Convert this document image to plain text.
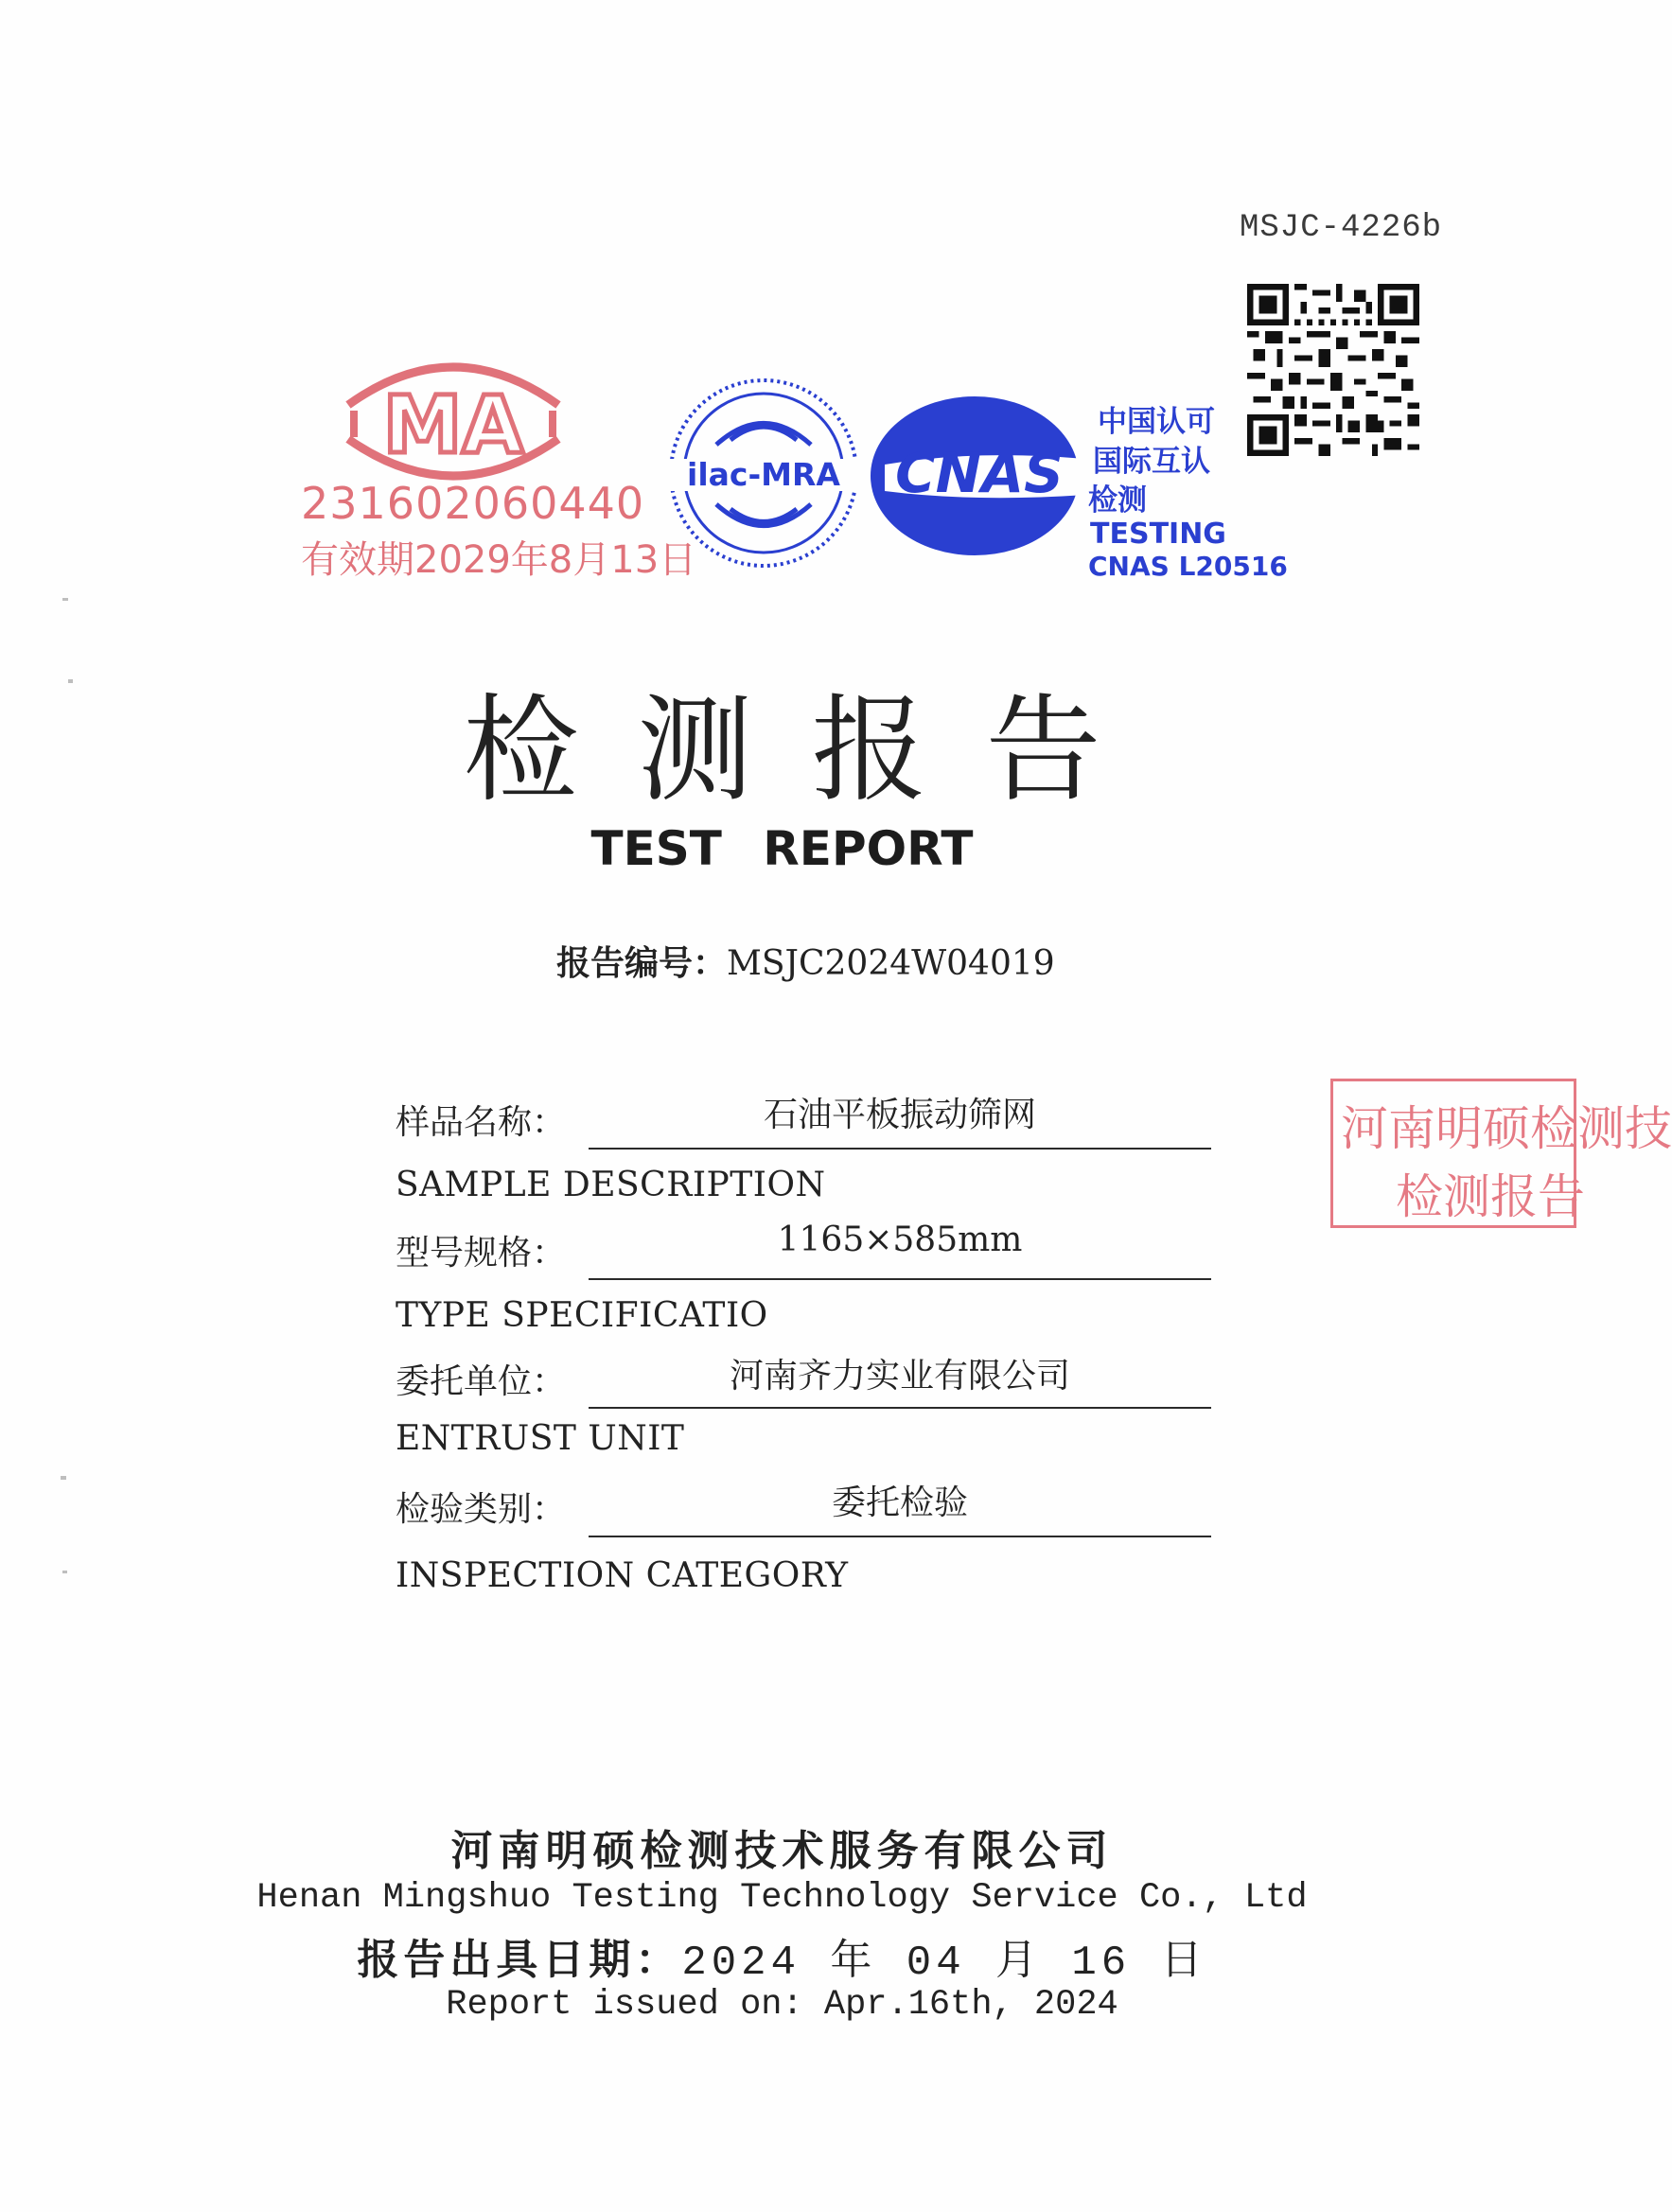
MSJC-4226b
MA
231602060440
有效期2029年8月13日
ilac-MRA CNAS
中国认可
国际互认
检测
TESTING
CNAS L20516
检测报告
TEST REPORT
报告编号：MSJC2024W04019
样品名称：	石油平板振动筛网
SAMPLE DESCRIPTION
型号规格：	1165×585mm
TYPE SPECIFICATIO
委托单位：	河南齐力实业有限公司
ENTRUST UNIT
检验类别：	委托检验
INSPECTION CATEGORY
河南明硕检测技
检测报告
河南明硕检测技术服务有限公司
Henan Mingshuo Testing Technology Service Co., Ltd
报告出具日期：2024 年 04 月 16 日
Report issued on: Apr.16th, 2024
